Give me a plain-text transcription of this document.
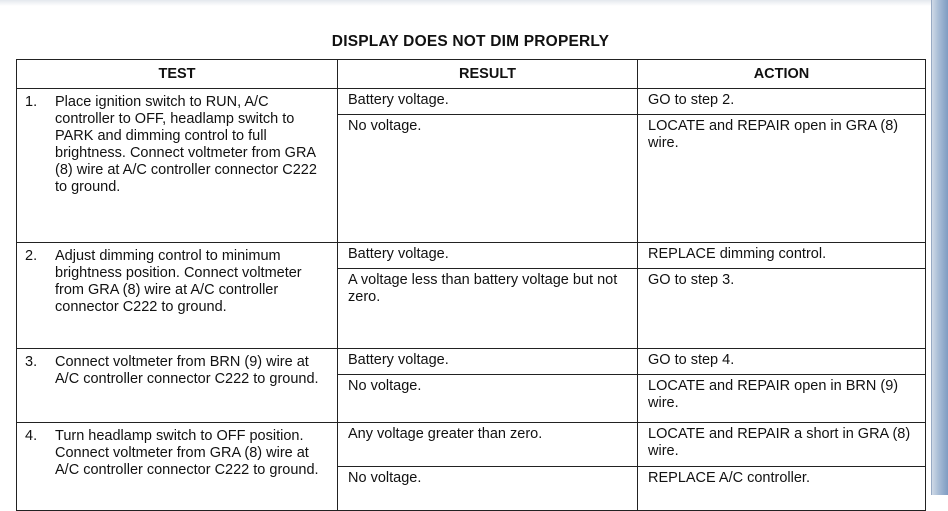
DISPLAY DOES NOT DIM PROPERLY
TEST	RESULT	ACTION

1. Place ignition switch to RUN, A/C controller to OFF, headlamp switch to PARK and dimming control to full brightness. Connect voltmeter from GRA (8) wire at A/C controller connector C222 to ground.	Battery voltage.	GO to step 2.
	No voltage.	LOCATE and REPAIR open in GRA (8) wire.

2. Adjust dimming control to minimum brightness position. Connect voltmeter from GRA (8) wire at A/C controller connector C222 to ground.	Battery voltage.	REPLACE dimming control.
	A voltage less than battery voltage but not zero.	GO to step 3.

3. Connect voltmeter from BRN (9) wire at A/C controller connector C222 to ground.	Battery voltage.	GO to step 4.
	No voltage.	LOCATE and REPAIR open in BRN (9) wire.

4. Turn headlamp switch to OFF position. Connect voltmeter from GRA (8) wire at A/C controller connector C222 to ground.	Any voltage greater than zero.	LOCATE and REPAIR a short in GRA (8) wire.
	No voltage.	REPLACE A/C controller.
